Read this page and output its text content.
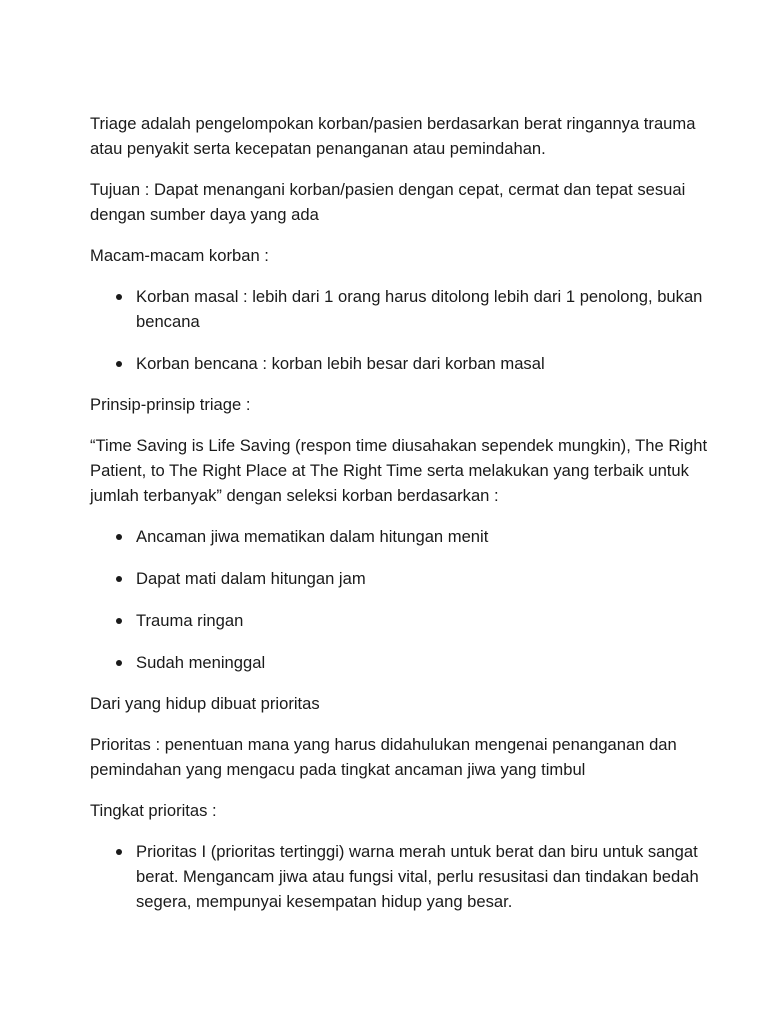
Triage adalah pengelompokan korban/pasien berdasarkan berat ringannya trauma atau penyakit serta kecepatan penanganan atau pemindahan.

Tujuan : Dapat menangani korban/pasien dengan cepat, cermat dan tepat sesuai dengan sumber daya yang ada

Macam-macam korban :

Korban masal : lebih dari 1 orang harus ditolong lebih dari 1 penolong, bukan bencana
Korban bencana : korban lebih besar dari korban masal

Prinsip-prinsip triage :

“Time Saving is Life Saving (respon time diusahakan sependek mungkin), The Right Patient, to The Right Place at The Right Time serta melakukan yang terbaik untuk jumlah terbanyak” dengan seleksi korban berdasarkan :

Ancaman jiwa mematikan dalam hitungan menit
Dapat mati dalam hitungan jam
Trauma ringan
Sudah meninggal

Dari yang hidup dibuat prioritas

Prioritas : penentuan mana yang harus didahulukan mengenai penanganan dan pemindahan yang mengacu pada tingkat ancaman jiwa yang timbul

Tingkat prioritas :

Prioritas I (prioritas tertinggi) warna merah untuk berat dan biru untuk sangat berat. Mengancam jiwa atau fungsi vital, perlu resusitasi dan tindakan bedah segera, mempunyai kesempatan hidup yang besar.
